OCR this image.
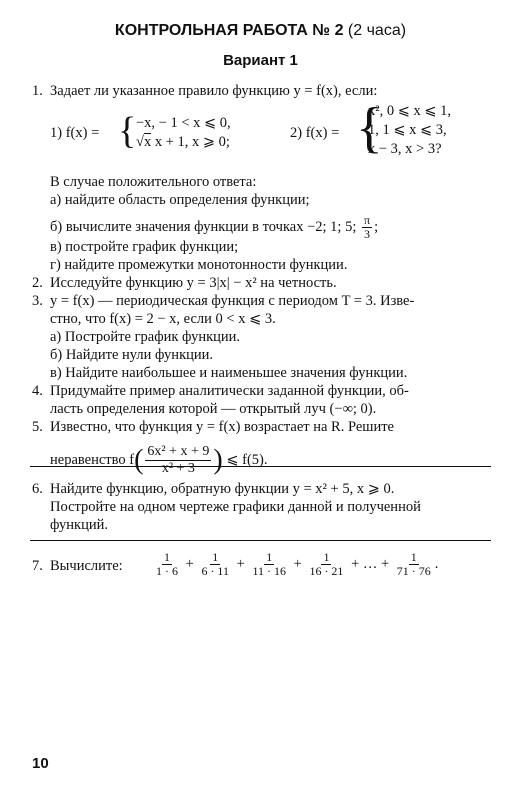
КОНТРОЛЬНАЯ РАБОТА № 2 (2 часа)
Вариант 1
1. Задает ли указанное правило функцию y = f(x), если:
1) f(x) = { −x, − 1 < x ⩽ 0,
√x x + 1, x ⩾ 0;
2) f(x) = {
x², 0 ⩽ x ⩽ 1,
1, 1 ⩽ x ⩽ 3,
x − 3, x > 3?
В случае положительного ответа:
а) найдите область определения функции;
б) вычислите значения функции в точках −2; 1; 5; $\frac{\pi}{3}$ ;
в) постройте график функции;
г) найдите промежутки монотонности функции.
2. Исследуйте функцию y = 3|x| − x² на четность.
3. y = f(x) — периодическая функция с периодом T = 3. Изве-
стно, что f(x) = 2 − x, если 0 < x ⩽ 3.
а) Постройте график функции.
б) Найдите нули функции.
в) Найдите наибольшее и наименьшее значения функции.
4. Придумайте пример аналитически заданной функции, об-
ласть определения которой — открытый луч (−∞; 0).
5. Известно, что функция y = f(x) возрастает на R. Решите
неравенство $f( \frac{\text{6x² + x + 9}}{\text{x² + 3}}$ ) ⩽ f(5).
6. Найдите функцию, обратную функции y = x² + 5, x ⩾ 0.
Постройте на одном чертеже графики данной и полученной
функций.
7. Вычислите:	$\frac{1}{1 \cdot 6} + \frac{1}{6 \cdot 11} + \frac{1}{11 \cdot 16} + \frac{1}{16 \cdot 21}$ + … + $\frac{1}{71 \cdot 76}$ .
10
